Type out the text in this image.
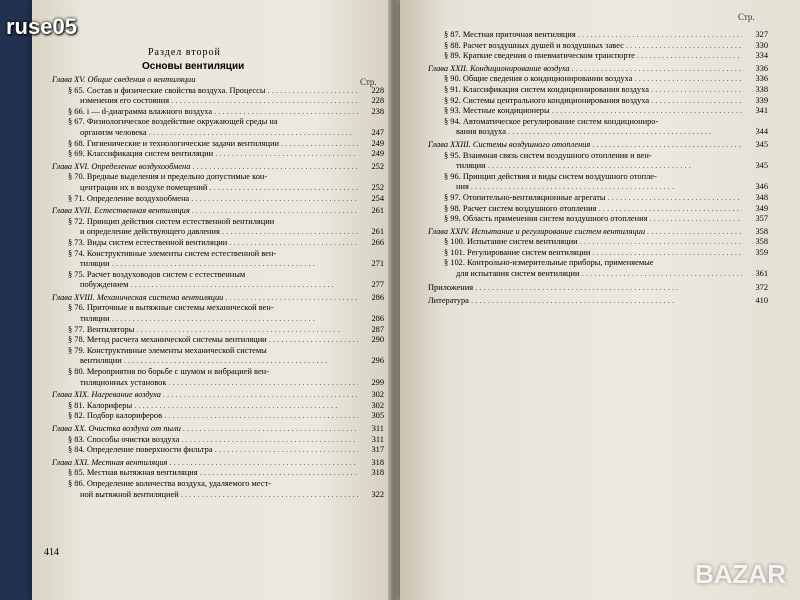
Раздел второй
Основы вентиляции
Стр.
Стр.
Глава XV. Общие сведения о вентиляции
§ 65. Состав и физические свойства воздуха. Процессы . . .	228
изменения его состояния . . .	228
§ 66. i — d-диаграмма влажного воздуха . . .	238
§ 67. Физиологическое воздействие окружающей среды на
организм человека . . .	247
§ 68. Гигиенические и технологические задачи вентиляции . . .	249
§ 69. Классификация систем вентиляции . . .	249
Глава XVI. Определение воздухообмена . . .	252
§ 70. Вредные выделения и предельно допустимые кон-
центрации их в воздухе помещений . . .	252
§ 71. Определение воздухообмена . . .	254
Глава XVII. Естественная вентиляция . . .	261
§ 72. Принцип действия систем естественной вентиляции
и определение действующего давления . . .	261
§ 73. Виды систем естественной вентиляции . . .	266
§ 74. Конструктивные элементы систем естественной вен-
тиляции . . .	271
§ 75. Расчет воздуховодов систем с естественным
побуждением . . .	277
Глава XVIII. Механическая система вентиляции . . .	286
§ 76. Приточные и вытяжные системы механической вен-
тиляции . . .	286
§ 77. Вентиляторы . . .	287
§ 78. Метод расчета механической системы вентиляции . . .	290
§ 79. Конструктивные элементы механической системы
вентиляции . . .	296
§ 80. Мероприятия по борьбе с шумом и вибрацией вен-
тиляционных установок . . .	299
Глава XIX. Нагревание воздуха . . .	302
§ 81. Калориферы . . .	302
§ 82. Подбор калориферов . . .	305
Глава XX. Очистка воздуха от пыли . . .	311
§ 83. Способы очистки воздуха . . .	311
§ 84. Определение поверхности фильтра . . .	317
Глава XXI. Местная вентиляция . . .	318
§ 85. Местная вытяжная вентиляция . . .	318
§ 86. Определение количества воздуха, удаляемого мест-
ной вытяжной вентиляцией . . .	322
§ 87. Местная приточная вентиляция . . .	327
§ 88. Расчет воздушных душей и воздушных завес . . .	330
§ 89. Краткие сведения о пневматическом транспорте . . .	334
Глава XXII. Кондиционирование воздуха . . .	336
§ 90. Общие сведения о кондиционировании воздуха . . .	336
§ 91. Классификация систем кондиционирования воздуха . . .	338
§ 92. Системы центрального кондиционирования воздуха . . .	339
§ 93. Местные кондиционеры . . .	341
§ 94. Автоматическое регулирование систем кондициониро-
вания воздуха . . .	344
Глава XXIII. Системы воздушного отопления . . .	345
§ 95. Взаимная связь систем воздушного отопления и вен-
тиляции . . .	345
§ 96. Принцип действия и виды систем воздушного отопле-
ния . . .	346
§ 97. Отопительно-вентиляционные агрегаты . . .	348
§ 98. Расчет систем воздушного отопления . . .	349
§ 99. Область применения систем воздушного отопления . . .	357
Глава XXIV. Испытание и регулирование систем вентиляции . . .	358
§ 100. Испытание систем вентиляции . . .	358
§ 101. Регулирование систем вентиляции . . .	359
§ 102. Контрольно-измерительные приборы, применяемые
для испытания систем вентиляции . . .	361
Приложения . . .	372
Литература . . .	410
414
ruse05
BAZAR
